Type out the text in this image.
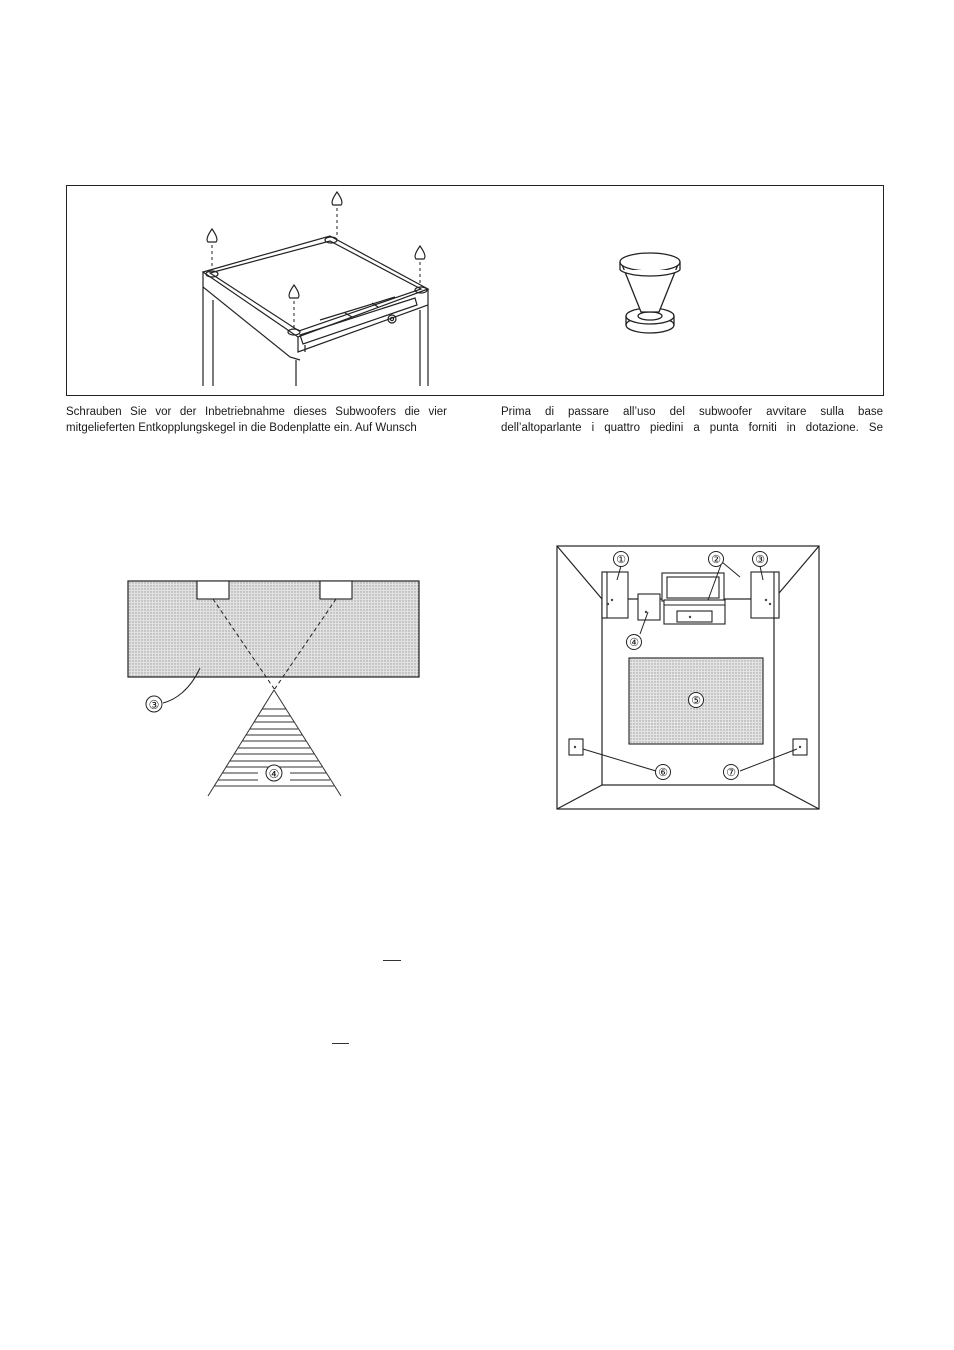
Schrauben Sie vor der Inbetriebnahme dieses Subwoofers die vier
mitgelieferten Entkopplungskegel in die Bodenplatte ein. Auf Wunsch
Prima di passare all’uso del subwoofer avvitare sulla base
dell’altoparlante i quattro piedini a punta forniti in dotazione. Se
③
④
①	②	③
④
⑤
⑥	⑦
